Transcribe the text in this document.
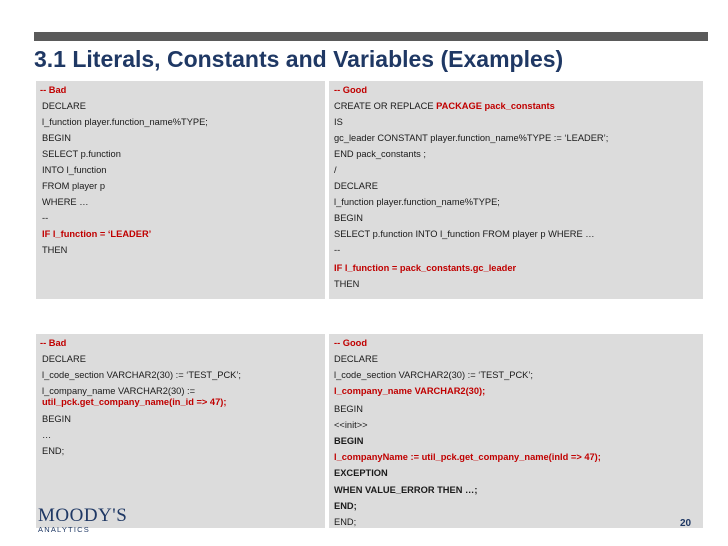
3.1 Literals, Constants and Variables (Examples)
-- Bad
DECLARE
l_function player.function_name%TYPE;
BEGIN
SELECT p.function
INTO l_function
FROM player p
WHERE …
--
IF l_function = ‘LEADER’
THEN
-- Good
CREATE OR REPLACE PACKAGE pack_constants
IS
gc_leader CONSTANT player.function_name%TYPE := ‘LEADER’;
END pack_constants ;
/
DECLARE
l_function player.function_name%TYPE;
BEGIN
SELECT p.function INTO l_function FROM player p WHERE …
--
IF l_function = pack_constants.gc_leader
THEN
-- Bad
DECLARE
l_code_section VARCHAR2(30) := ‘TEST_PCK’;
l_company_name VARCHAR2(30) :=
util_pck.get_company_name(in_id => 47);
BEGIN
…
END;
-- Good
DECLARE
l_code_section VARCHAR2(30) := ‘TEST_PCK’;
l_company_name VARCHAR2(30);
BEGIN
<<init>>
BEGIN
l_companyName := util_pck.get_company_name(inId => 47);
EXCEPTION
WHEN VALUE_ERROR THEN …;
END;
END;
MOODY'S
ANALYTICS
20
